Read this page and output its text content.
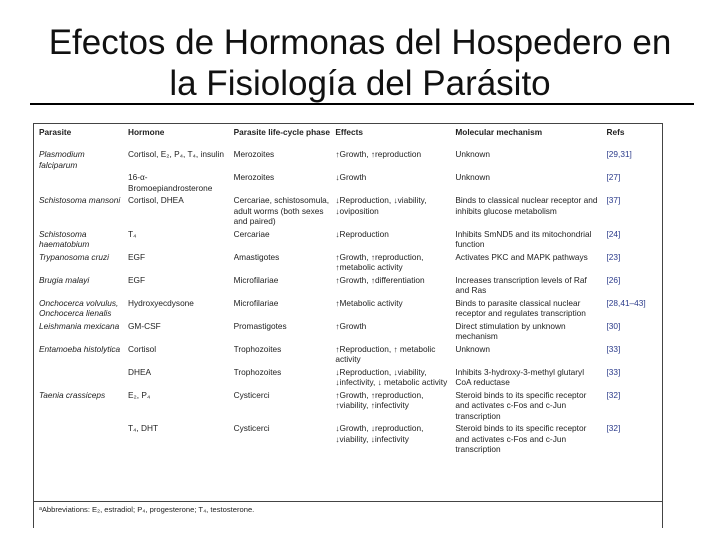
Efectos de Hormonas del Hospedero en
la Fisiología del Parásito
Parasite	Hormone	Parasite life-cycle phase	Effects	Molecular mechanism	Refs
Plasmodium falciparum	Cortisol, E₂, P₄, T₄, insulin	Merozoites	↑Growth, ↑reproduction	Unknown	[29,31]
	16-α-Bromoepiandrosterone	Merozoites	↓Growth	Unknown	[27]
Schistosoma mansoni	Cortisol, DHEA	Cercariae, schistosomula, adult worms (both sexes and paired)	↓Reproduction, ↓viability, ↓oviposition	Binds to classical nuclear receptor and inhibits glucose metabolism	[37]
Schistosoma haematobium	T₄	Cercariae	↓Reproduction	Inhibits SmND5 and its mitochondrial function	[24]
Trypanosoma cruzi	EGF	Amastigotes	↑Growth, ↑reproduction, ↑metabolic activity	Activates PKC and MAPK pathways	[23]
Brugia malayi	EGF	Microfilariae	↑Growth, ↑differentiation	Increases transcription levels of Raf and Ras	[26]
Onchocerca volvulus, Onchocerca lienalis	Hydroxyecdysone	Microfilariae	↑Metabolic activity	Binds to parasite classical nuclear receptor and regulates transcription	[28,41–43]
Leishmania mexicana	GM-CSF	Promastigotes	↑Growth	Direct stimulation by unknown mechanism	[30]
Entamoeba histolytica	Cortisol	Trophozoites	↑Reproduction, ↑ metabolic activity	Unknown	[33]
	DHEA	Trophozoites	↓Reproduction, ↓viability, ↓infectivity, ↓ metabolic activity	Inhibits 3-hydroxy-3-methyl glutaryl CoA reductase	[33]
Taenia crassiceps	E₂, P₄	Cysticerci	↑Growth, ↑reproduction, ↑viability, ↑infectivity	Steroid binds to its specific receptor and activates c-Fos and c-Jun transcription	[32]
	T₄, DHT	Cysticerci	↓Growth, ↓reproduction, ↓viability, ↓infectivity	Steroid binds to its specific receptor and activates c-Fos and c-Jun transcription	[32]
ᵃAbbreviations: E₂, estradiol; P₄, progesterone; T₄, testosterone.
